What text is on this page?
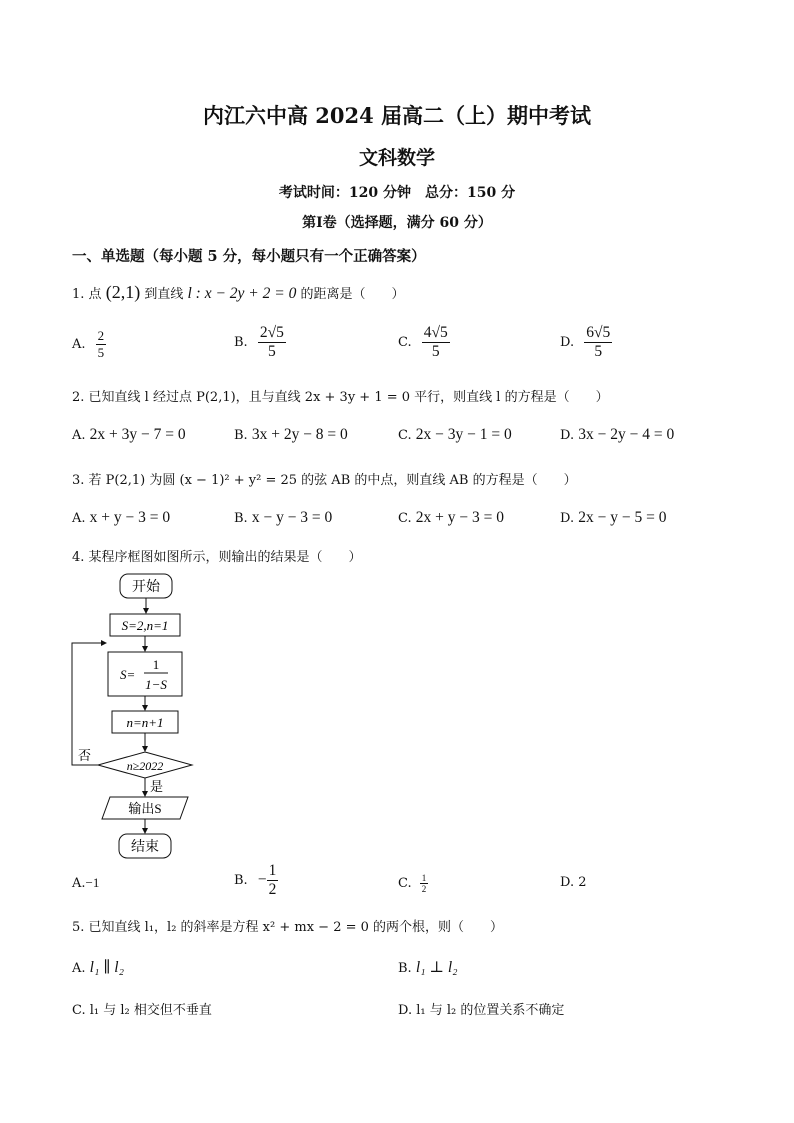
内江六中高 2024 届高二（上）期中考试
文科数学
考试时间：120 分钟　总分：150 分
第Ⅰ卷（选择题，满分 60 分）
一、单选题（每小题 5 分，每小题只有一个正确答案）
1. 点 (2,1) 到直线 l : x − 2y + 2 = 0 的距离是（　　）
A. $\frac{2}{5}$	B. $\frac{2√5}{5}$	C. $\frac{4√5}{5}$	D. $\frac{6√5}{5}$
2. 已知直线 l 经过点 P(2,1)，且与直线 2x + 3y + 1 = 0 平行，则直线 l 的方程是（　　）
A. 2x + 3y − 7 = 0	B. 3x + 2y − 8 = 0	C. 2x − 3y − 1 = 0	D. 3x − 2y − 4 = 0
3. 若 P(2,1) 为圆 (x − 1)² + y² = 25 的弦 AB 的中点，则直线 AB 的方程是（　　）
A. x + y − 3 = 0	B. x − y − 3 = 0	C. 2x + y − 3 = 0	D. 2x − y − 5 = 0
4. 某程序框图如图所示，则输出的结果是（　　）
开始
S=2,n=1
S=
1
1−S
n=n+1
n≥2022
否
是
输出S
结束
A.−1	B. − $\frac{1}{2}$	C. $\frac{1}{2}$	D. 2
5. 已知直线 l₁，l₂ 的斜率是方程 x² + mx − 2 = 0 的两个根，则（　　）
A. l₁ ∥ l₂	B. l₁ ⊥ l₂
C. l₁ 与 l₂ 相交但不垂直	D. l₁ 与 l₂ 的位置关系不确定
